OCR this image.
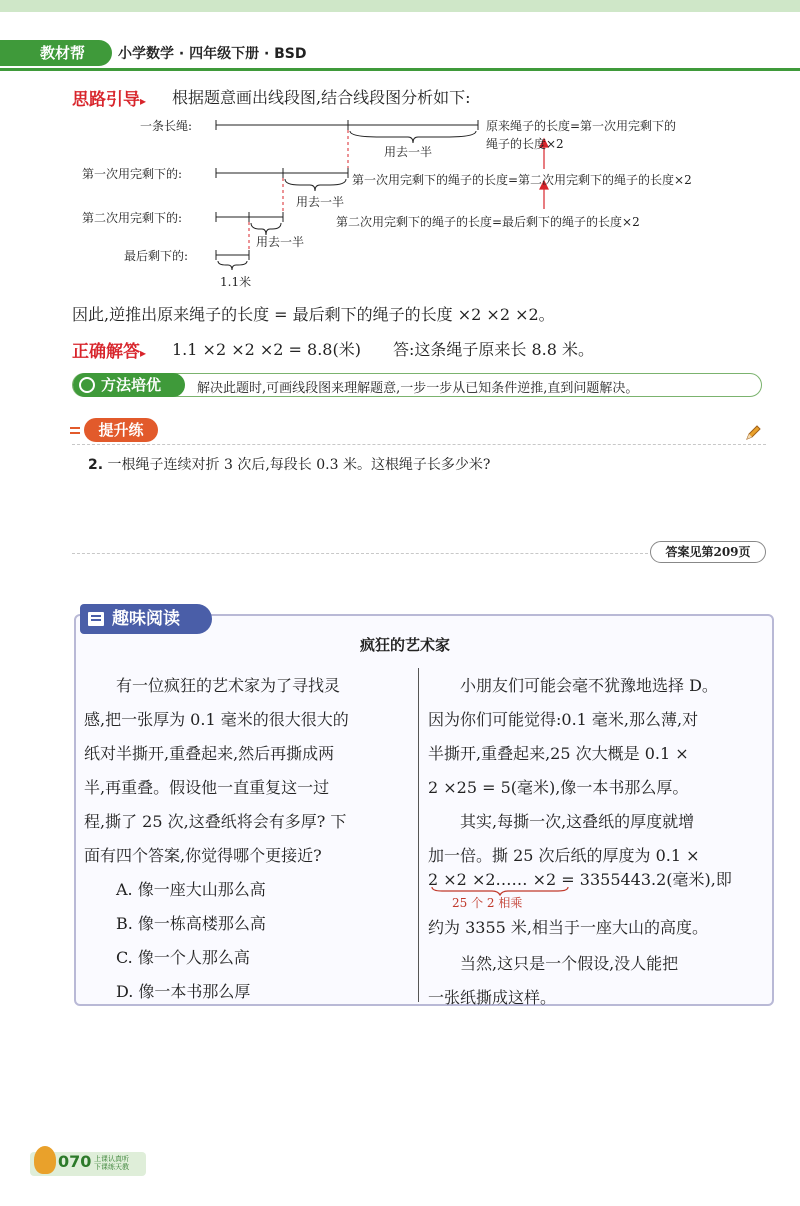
教材帮	小学数学 · 四年级下册 · BSD
思路引导▸ 根据题意画出线段图,结合线段图分析如下:
一条长绳:
第一次用完剩下的:
第二次用完剩下的:
最后剩下的:
用去一半
用去一半
用去一半
1.1米
原来绳子的长度=第一次用完剩下的
绳子的长度×2
第一次用完剩下的绳子的长度=第二次用完剩下的绳子的长度×2
第二次用完剩下的绳子的长度=最后剩下的绳子的长度×2
因此,逆推出原来绳子的长度 = 最后剩下的绳子的长度 ×2 ×2 ×2。
正确解答▸ 1.1 ×2 ×2 ×2 = 8.8(米)　　答:这条绳子原来长 8.8 米。
方法培优	解决此题时,可画线段图来理解题意,一步一步从已知条件逆推,直到问题解决。
提升练
2. 一根绳子连续对折 3 次后,每段长 0.3 米。这根绳子长多少米?
答案见第209页
趣味阅读
疯狂的艺术家
　　有一位疯狂的艺术家为了寻找灵
感,把一张厚为 0.1 毫米的很大很大的
纸对半撕开,重叠起来,然后再撕成两
半,再重叠。假设他一直重复这一过
程,撕了 25 次,这叠纸将会有多厚? 下
面有四个答案,你觉得哪个更接近?
　　A. 像一座大山那么高
　　B. 像一栋高楼那么高
　　C. 像一个人那么高
　　D. 像一本书那么厚
　　小朋友们可能会毫不犹豫地选择 D。
因为你们可能觉得:0.1 毫米,那么薄,对
半撕开,重叠起来,25 次大概是 0.1 ×
2 ×25 = 5(毫米),像一本书那么厚。
　　其实,每撕一次,这叠纸的厚度就增
加一倍。撕 25 次后纸的厚度为 0.1 ×
2 ×2 ×2…… ×2 = 3355443.2(毫米),即
25 个 2 相乘
约为 3355 米,相当于一座大山的高度。
　　当然,这只是一个假设,没人能把
一张纸撕成这样。
070 上课认真听
下课练天教
